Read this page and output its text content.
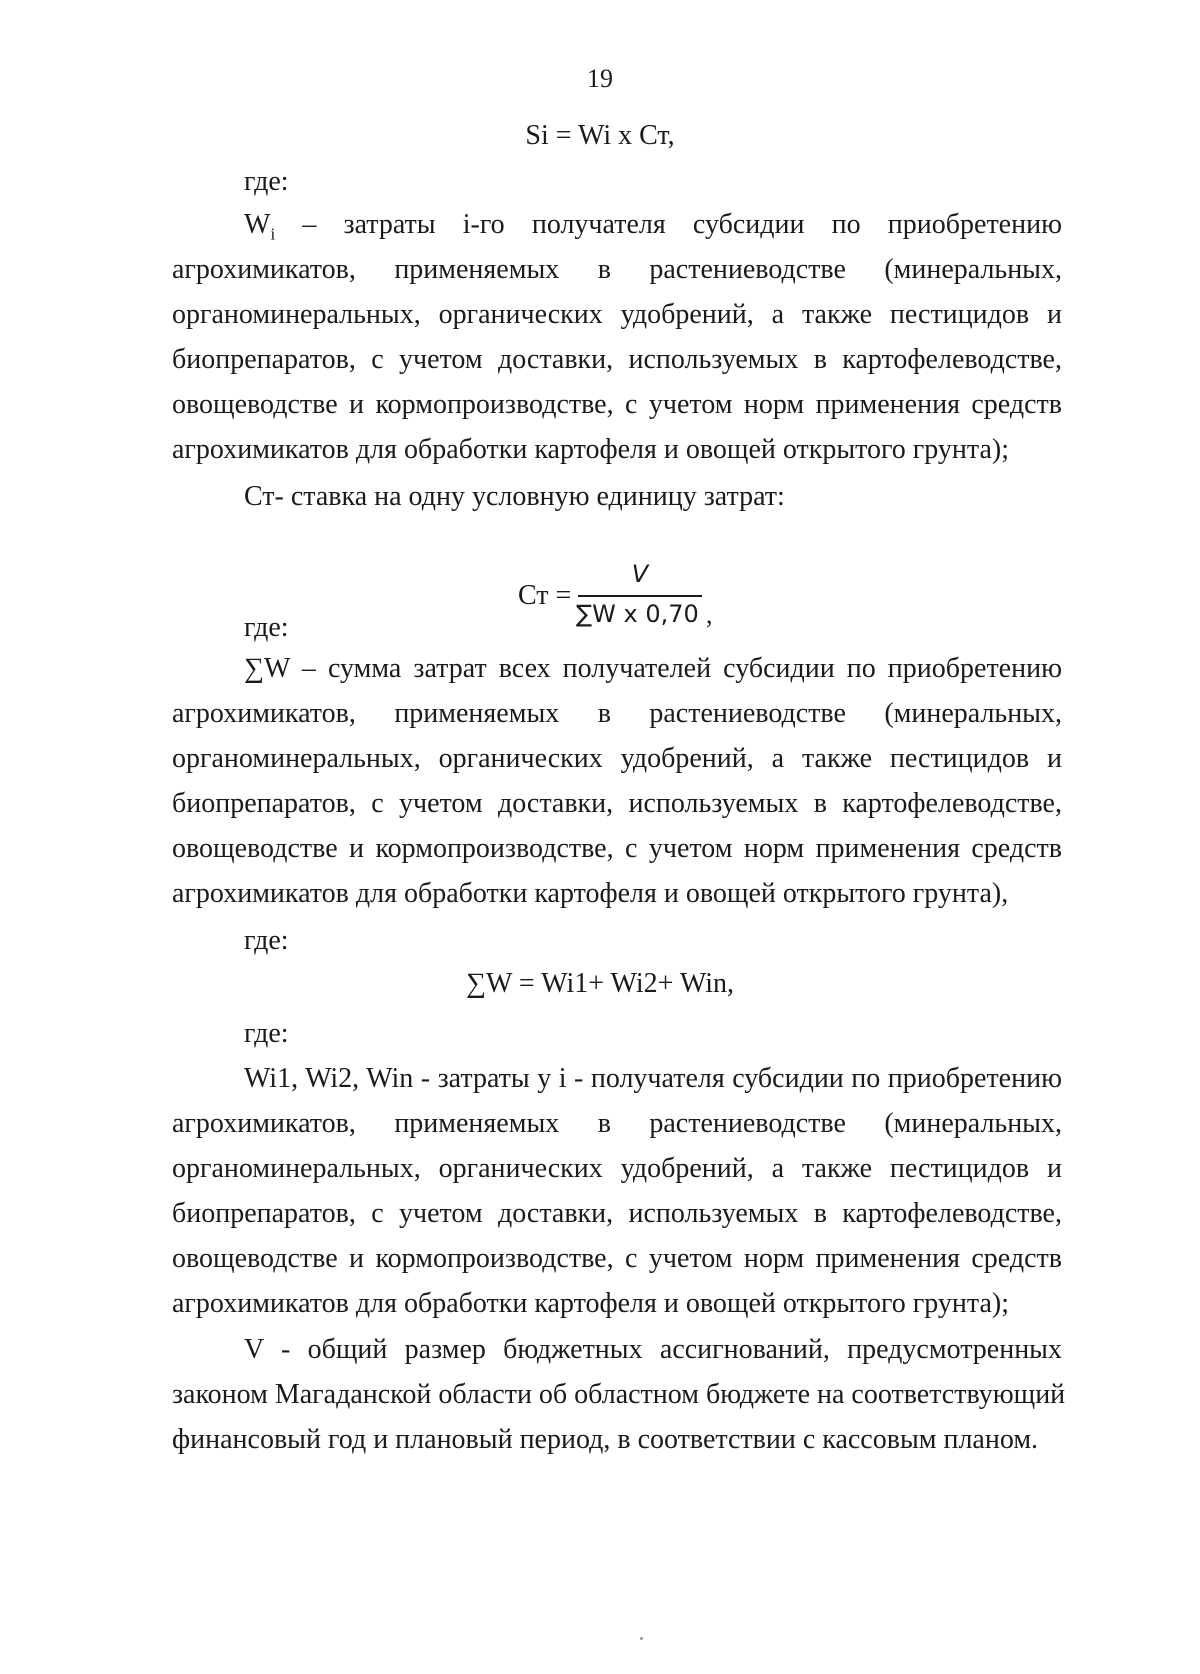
19
Si = Wi x Ст,
где:
$W_i$ – затраты i-го получателя субсидии по приобретению
агрохимикатов, применяемых в растениеводстве (минеральных,
органоминеральных, органических удобрений, а также пестицидов и
биопрепаратов, с учетом доставки, используемых в картофелеводстве,
овощеводстве и кормопроизводстве, с учетом норм применения средств
агрохимикатов для обработки картофеля и овощей открытого грунта);
Ст- ставка на одну условную единицу затрат:
Ст =
V
∑W x 0,70 ,
где:
∑W – сумма затрат всех получателей субсидии по приобретению
агрохимикатов, применяемых в растениеводстве (минеральных,
органоминеральных, органических удобрений, а также пестицидов и
биопрепаратов, с учетом доставки, используемых в картофелеводстве,
овощеводстве и кормопроизводстве, с учетом норм применения средств
агрохимикатов для обработки картофеля и овощей открытого грунта),
где:
∑W = Wi1+ Wi2+ Win,
где:
Wi1, Wi2, Win - затраты у i - получателя субсидии по приобретению
агрохимикатов, применяемых в растениеводстве (минеральных,
органоминеральных, органических удобрений, а также пестицидов и
биопрепаратов, с учетом доставки, используемых в картофелеводстве,
овощеводстве и кормопроизводстве, с учетом норм применения средств
агрохимикатов для обработки картофеля и овощей открытого грунта);
V - общий размер бюджетных ассигнований, предусмотренных
законом Магаданской области об областном бюджете на соответствующий
финансовый год и плановый период, в соответствии с кассовым планом.
